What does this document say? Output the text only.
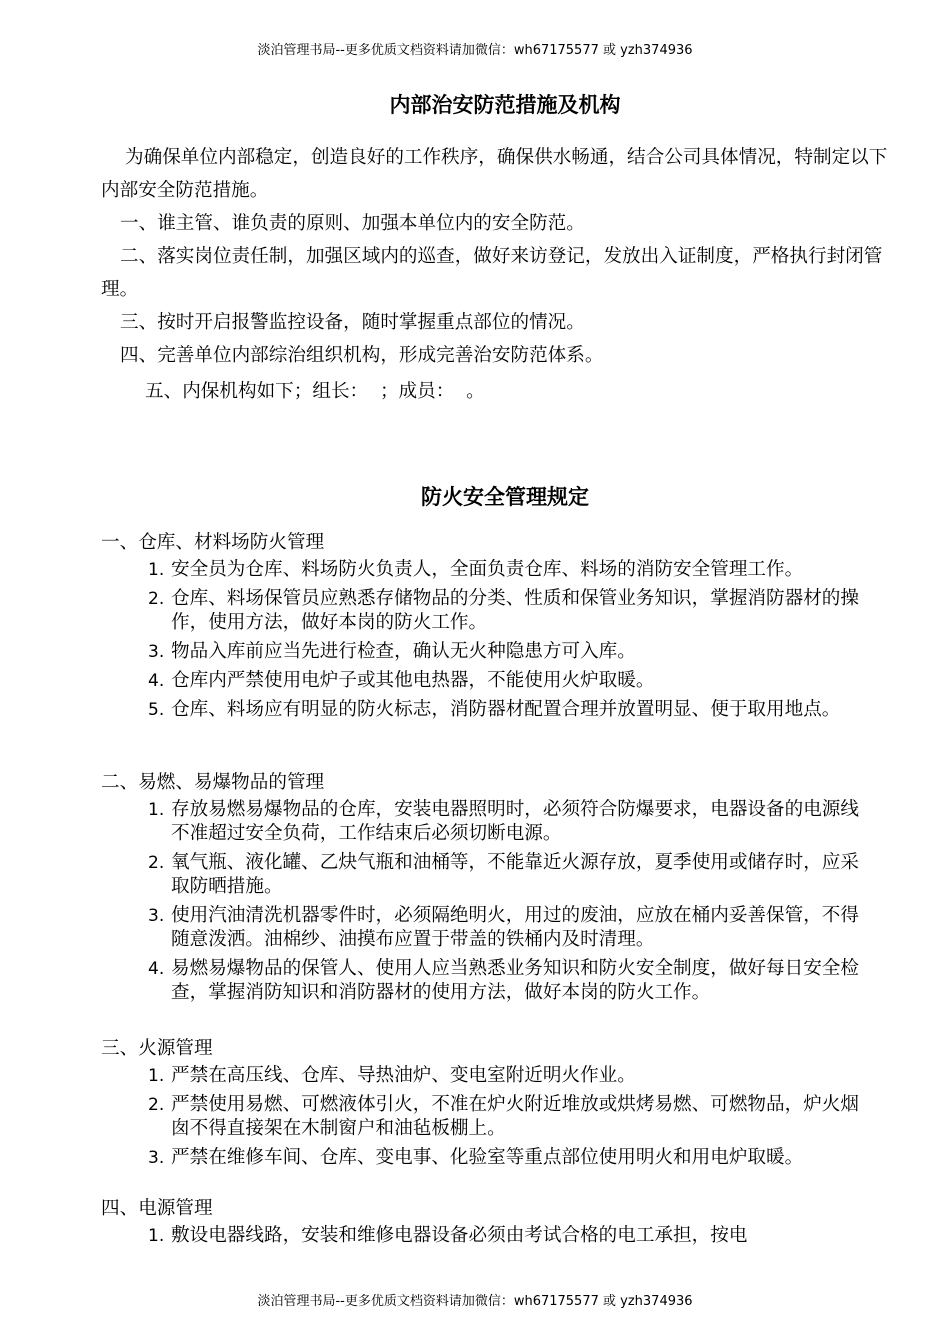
淡泊管理书局--更多优质文档资料请加微信：wh67175577 或 yzh374936
内部治安防范措施及机构

为确保单位内部稳定，创造良好的工作秩序，确保供水畅通，结合公司具体情况，特制定以下内部安全防范措施。

一、谁主管、谁负责的原则、加强本单位内的安全防范。

二、落实岗位责任制，加强区域内的巡查，做好来访登记，发放出入证制度，严格执行封闭管理。

三、按时开启报警监控设备，随时掌握重点部位的情况。

四、完善单位内部综治组织机构，形成完善治安防范体系。

五、内保机构如下；组长：  ；成员：  。

防火安全管理规定
一、仓库、材料场防火管理
1. 安全员为仓库、料场防火负责人，全面负责仓库、料场的消防安全管理工作。
2. 仓库、料场保管员应熟悉存储物品的分类、性质和保管业务知识，掌握消防器材的操作，使用方法，做好本岗的防火工作。
3. 物品入库前应当先进行检查，确认无火种隐患方可入库。
4. 仓库内严禁使用电炉子或其他电热器，不能使用火炉取暖。
5. 仓库、料场应有明显的防火标志，消防器材配置合理并放置明显、便于取用地点。
二、易燃、易爆物品的管理
1. 存放易燃易爆物品的仓库，安装电器照明时，必须符合防爆要求，电器设备的电源线不准超过安全负荷，工作结束后必须切断电源。
2. 氧气瓶、液化罐、乙炔气瓶和油桶等，不能靠近火源存放，夏季使用或储存时，应采取防晒措施。
3. 使用汽油清洗机器零件时，必须隔绝明火，用过的废油，应放在桶内妥善保管，不得随意泼洒。油棉纱、油摸布应置于带盖的铁桶内及时清理。
4. 易燃易爆物品的保管人、使用人应当熟悉业务知识和防火安全制度，做好每日安全检查，掌握消防知识和消防器材的使用方法，做好本岗的防火工作。
三、火源管理
1. 严禁在高压线、仓库、导热油炉、变电室附近明火作业。
2. 严禁使用易燃、可燃液体引火，不准在炉火附近堆放或烘烤易燃、可燃物品，炉火烟囱不得直接架在木制窗户和油毡板棚上。
3. 严禁在维修车间、仓库、变电事、化验室等重点部位使用明火和用电炉取暖。
四、电源管理
1. 敷设电器线路，安装和维修电器设备必须由考试合格的电工承担，按电
淡泊管理书局--更多优质文档资料请加微信：wh67175577 或 yzh374936
